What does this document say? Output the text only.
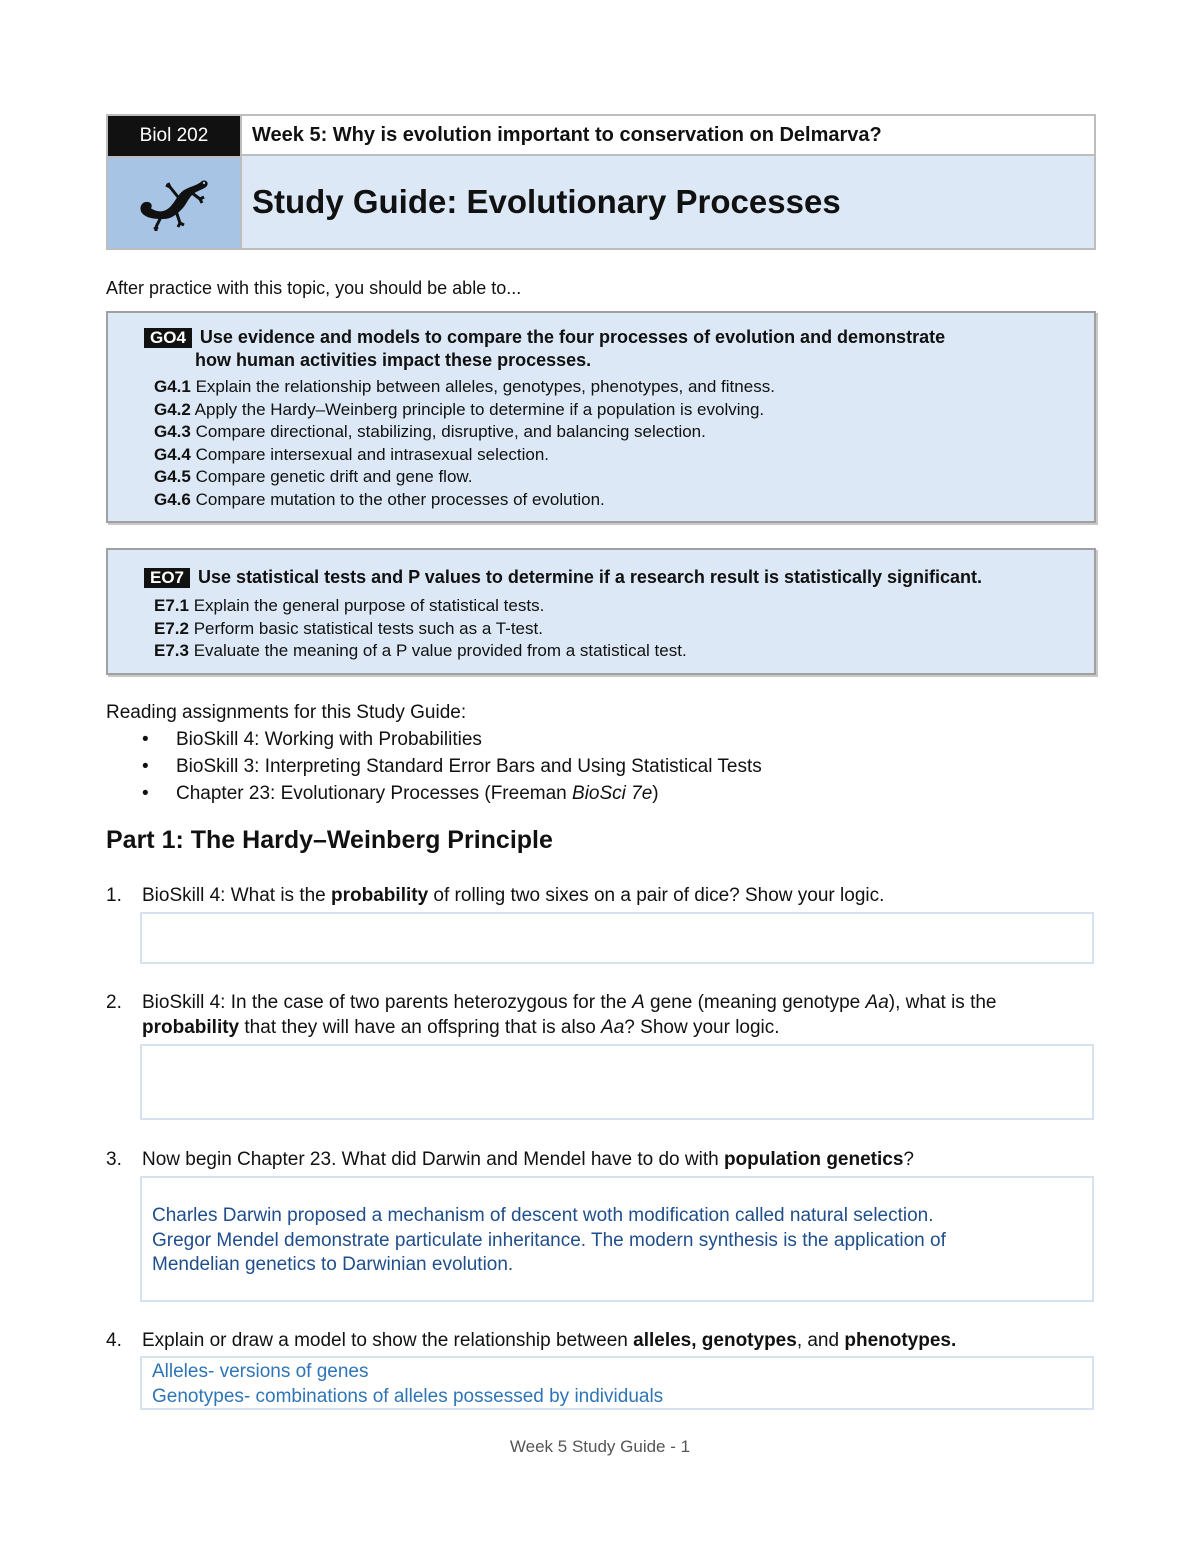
Biol 202	Week 5: Why is evolution important to conservation on Delmarva?
Study Guide: Evolutionary Processes
After practice with this topic, you should be able to...
GO4 Use evidence and models to compare the four processes of evolution and demonstrate
how human activities impact these processes.
G4.1 Explain the relationship between alleles, genotypes, phenotypes, and fitness.
G4.2 Apply the Hardy–Weinberg principle to determine if a population is evolving.
G4.3 Compare directional, stabilizing, disruptive, and balancing selection.
G4.4 Compare intersexual and intrasexual selection.
G4.5 Compare genetic drift and gene flow.
G4.6 Compare mutation to the other processes of evolution.
EO7 Use statistical tests and P values to determine if a research result is statistically significant.
E7.1 Explain the general purpose of statistical tests.
E7.2 Perform basic statistical tests such as a T-test.
E7.3 Evaluate the meaning of a P value provided from a statistical test.
Reading assignments for this Study Guide:
• BioSkill 4: Working with Probabilities
• BioSkill 3: Interpreting Standard Error Bars and Using Statistical Tests
• Chapter 23: Evolutionary Processes (Freeman BioSci 7e)
Part 1: The Hardy–Weinberg Principle
1.	BioSkill 4: What is the probability of rolling two sixes on a pair of dice? Show your logic.
2.	BioSkill 4: In the case of two parents heterozygous for the A gene (meaning genotype Aa), what is the probability that they will have an offspring that is also Aa? Show your logic.
3.	Now begin Chapter 23. What did Darwin and Mendel have to do with population genetics?
Charles Darwin proposed a mechanism of descent woth modification called natural selection.
Gregor Mendel demonstrate particulate inheritance. The modern synthesis is the application of
Mendelian genetics to Darwinian evolution.
4.	Explain or draw a model to show the relationship between alleles, genotypes, and phenotypes.
Alleles- versions of genes
Genotypes- combinations of alleles possessed by individuals
Week 5 Study Guide - 1
